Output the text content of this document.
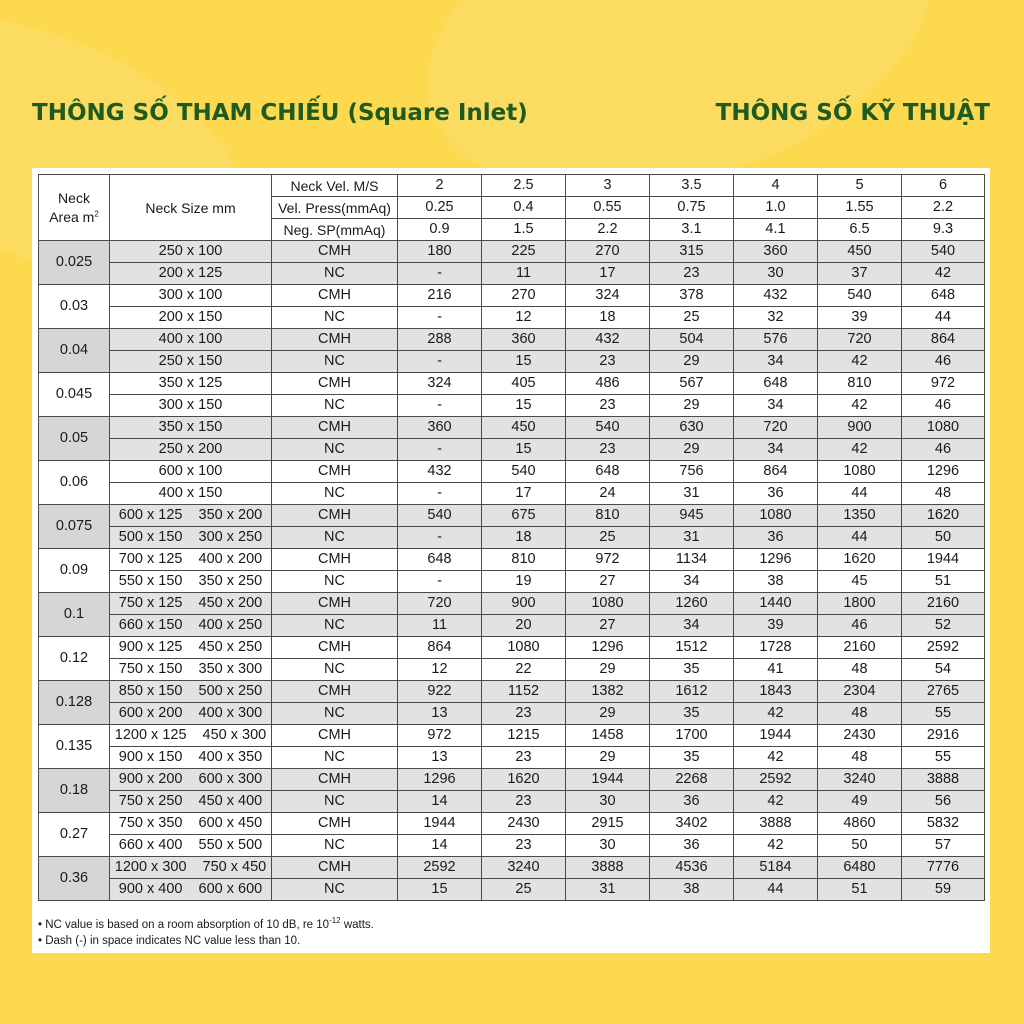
THÔNG SỐ THAM CHIẾU (Square Inlet)	THÔNG SỐ KỸ THUẬT
Neck
Area $m^2$	Neck Size mm	Neck Vel. M/S	2	2.5	3	3.5	4	5	6
		Vel. Press(mmAq)	0.25	0.4	0.55	0.75	1.0	1.55	2.2
		Neg. SP(mmAq)	0.9	1.5	2.2	3.1	4.1	6.5	9.3
0.025	250 x 100	CMH	180	225	270	315	360	450	540

	200 x 125	NC	-	11	17	23	30	37	42
0.03	300 x 100	CMH	216	270	324	378	432	540	648

	200 x 150	NC	-	12	18	25	32	39	44
0.04	400 x 100	CMH	288	360	432	504	576	720	864

	250 x 150	NC	-	15	23	29	34	42	46
0.045	350 x 125	CMH	324	405	486	567	648	810	972

	300 x 150	NC	-	15	23	29	34	42	46
0.05	350 x 150	CMH	360	450	540	630	720	900	1080

	250 x 200	NC	-	15	23	29	34	42	46
0.06	600 x 100	CMH	432	540	648	756	864	1080	1296

	400 x 150	NC	-	17	24	31	36	44	48
0.075	600 x 125 350 x 200	CMH	540	675	810	945	1080	1350	1620

	500 x 150 300 x 250	NC	-	18	25	31	36	44	50
0.09	700 x 125 400 x 200	CMH	648	810	972	1134	1296	1620	1944

	550 x 150 350 x 250	NC	-	19	27	34	38	45	51
0.1	750 x 125 450 x 200	CMH	720	900	1080	1260	1440	1800	2160

	660 x 150 400 x 250	NC	11	20	27	34	39	46	52
0.12	900 x 125 450 x 250	CMH	864	1080	1296	1512	1728	2160	2592

	750 x 150 350 x 300	NC	12	22	29	35	41	48	54
0.128	850 x 150 500 x 250	CMH	922	1152	1382	1612	1843	2304	2765

	600 x 200 400 x 300	NC	13	23	29	35	42	48	55
0.135	1200 x 125 450 x 300	CMH	972	1215	1458	1700	1944	2430	2916

	900 x 150 400 x 350	NC	13	23	29	35	42	48	55
0.18	900 x 200 600 x 300	CMH	1296	1620	1944	2268	2592	3240	3888

	750 x 250 450 x 400	NC	14	23	30	36	42	49	56
0.27	750 x 350 600 x 450	CMH	1944	2430	2915	3402	3888	4860	5832

	660 x 400 550 x 500	NC	14	23	30	36	42	50	57
0.36	1200 x 300 750 x 450	CMH	2592	3240	3888	4536	5184	6480	7776

	900 x 400 600 x 600	NC	15	25	31	38	44	51	59
• NC value is based on a room absorption of 10 dB, re $10^{-12}$ watts.
• Dash (-) in space indicates NC value less than 10.
